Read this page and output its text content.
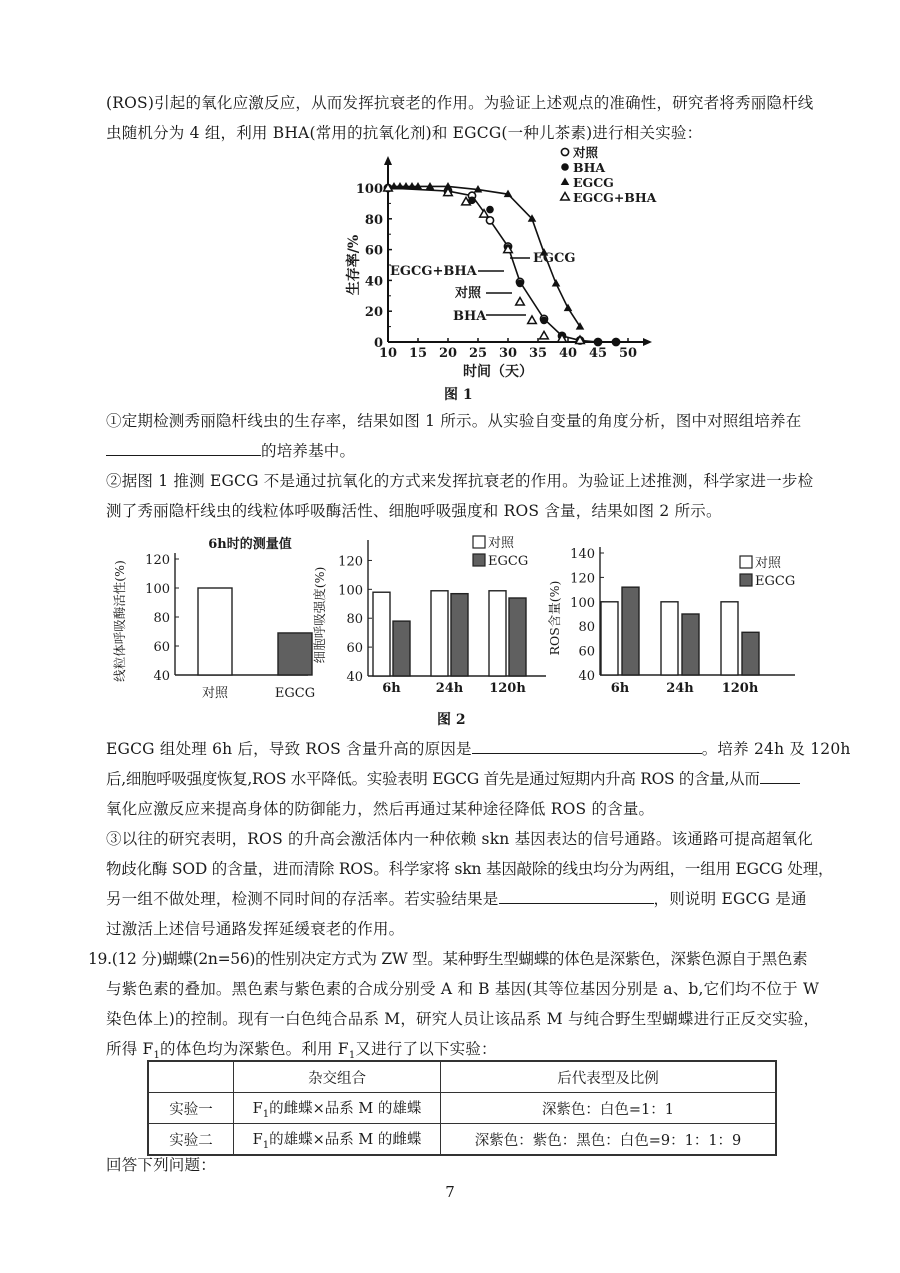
(ROS)引起的氧化应激反应，从而发挥抗衰老的作用。为验证上述观点的准确性，研究者将秀丽隐杆线
虫随机分为 4 组，利用 BHA(常用的抗氧化剂)和 EGCG(一种儿茶素)进行相关实验：
10 15 20 25 30 35 40 45 50
0
20
40
60
80
100
时间（天）
生存率/%
对照
BHA
EGCG
EGCG+BHA
EGCG
EGCG+BHA
对照
BHA
图 1
①定期检测秀丽隐杆线虫的生存率，结果如图 1 所示。从实验自变量的角度分析，图中对照组培养在
的培养基中。
②据图 1 推测 EGCG 不是通过抗氧化的方式来发挥抗衰老的作用。为验证上述推测，科学家进一步检
测了秀丽隐杆线虫的线粒体呼吸酶活性、细胞呼吸强度和 ROS 含量，结果如图 2 所示。
40
60
80
100
120
线粒体呼吸酶活性(%)
6h时的测量值
对照	EGCG
40
60
80
100
120
细胞呼吸强度(%)
6h	24h 120h
对照
EGCG
40
60
80
100
120
140
ROS含量(%)
6h	24h 120h
对照
EGCG
图 2
EGCG 组处理 6h 后，导致 ROS 含量升高的原因是	。培养 24h 及 120h
后,细胞呼吸强度恢复,ROS 水平降低。实验表明 EGCG 首先是通过短期内升高 ROS 的含量,从而
氧化应激反应来提高身体的防御能力，然后再通过某种途径降低 ROS 的含量。
③以往的研究表明，ROS 的升高会激活体内一种依赖 skn 基因表达的信号通路。该通路可提高超氧化
物歧化酶 SOD 的含量，进而清除 ROS。科学家将 skn 基因敲除的线虫均分为两组，一组用 EGCG 处理，
另一组不做处理，检测不同时间的存活率。若实验结果是	，则说明 EGCG 是通
过激活上述信号通路发挥延缓衰老的作用。
19.(12 分)蝴蝶(2n=56)的性别决定方式为 ZW 型。某种野生型蝴蝶的体色是深紫色，深紫色源自于黑色素
与紫色素的叠加。黑色素与紫色素的合成分别受 A 和 B 基因(其等位基因分别是 a、b,它们均不位于 W
染色体上)的控制。现有一白色纯合品系 M，研究人员让该品系 M 与纯合野生型蝴蝶进行正反交实验，
所得 $F_1$的体色均为深紫色。利用 $F_1$又进行了以下实验：
	杂交组合	后代表型及比例
实验一	$F_1$的雌蝶×品系 M 的雄蝶	深紫色：白色=1：1
实验二	$F_1$的雄蝶×品系 M 的雌蝶	深紫色：紫色：黑色：白色=9：1：1：9
回答下列问题：
7
